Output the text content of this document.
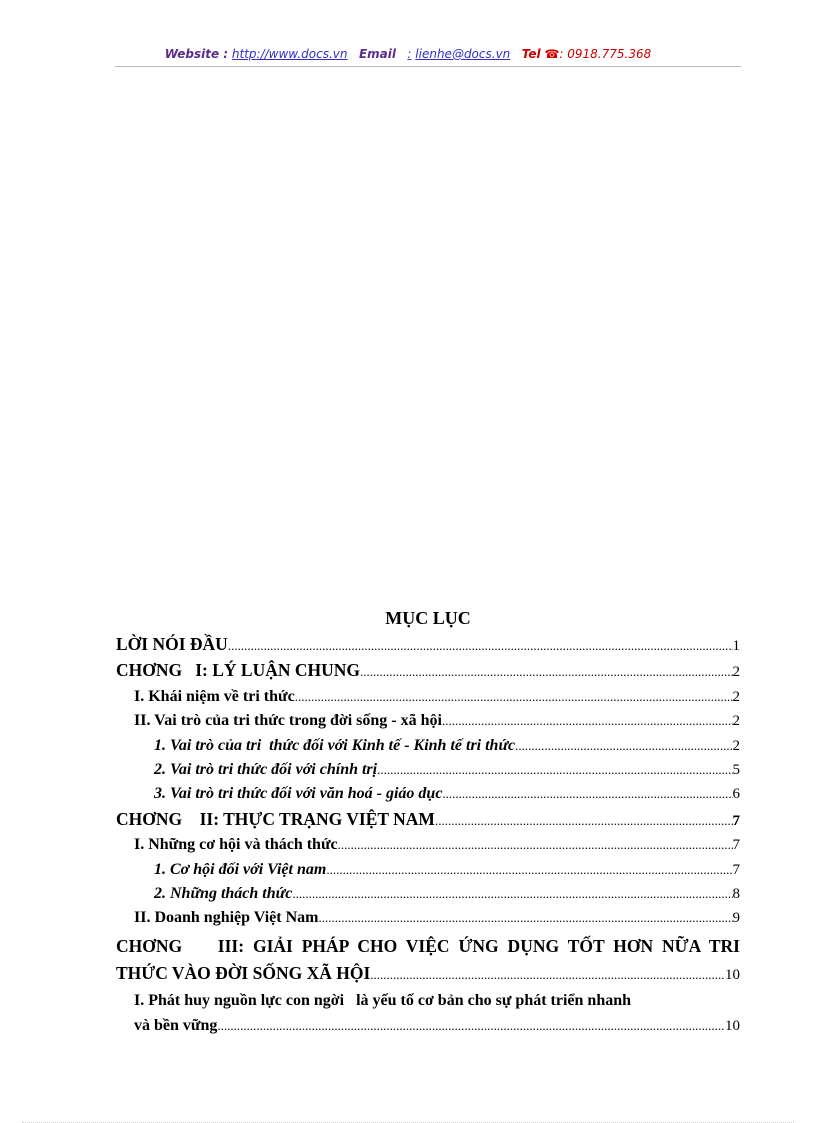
Website : http://www.docs.vn Email : lienhe@docs.vn Tel ☎: 0918.775.368
MỤC LỤC
LỜI NÓI ĐẦU .....	1
CHƠNG   I: LÝ LUẬN CHUNG .....	2
I. Khái niệm về tri thức .....	2
II. Vai trò của tri thức trong đời sống - xã hội .....	2
1. Vai trò của tri  thức đối với Kinh tế - Kinh tế tri thức .....	2
2. Vai trò tri thức đối với chính trị .....	5
3. Vai trò tri thức đối với văn hoá - giáo dục .....	6
CHƠNG    II: THỰC TRẠNG VIỆT NAM .....	7
I. Những cơ hội và thách thức .....	7
1. Cơ hội đối với Việt nam .....	7
2. Những thách thức .....	8
II. Doanh nghiệp Việt Nam .....	9
CHƠNG    III: GIẢI PHÁP CHO VIỆC ỨNG DỤNG TỐT HƠN NỮA TRI
THỨC VÀO ĐỜI SỐNG XÃ HỘI .....	10
I. Phát huy nguồn lực con ngời   là yếu tố cơ bản cho sự phát triển nhanh
và bền vững .....	10
